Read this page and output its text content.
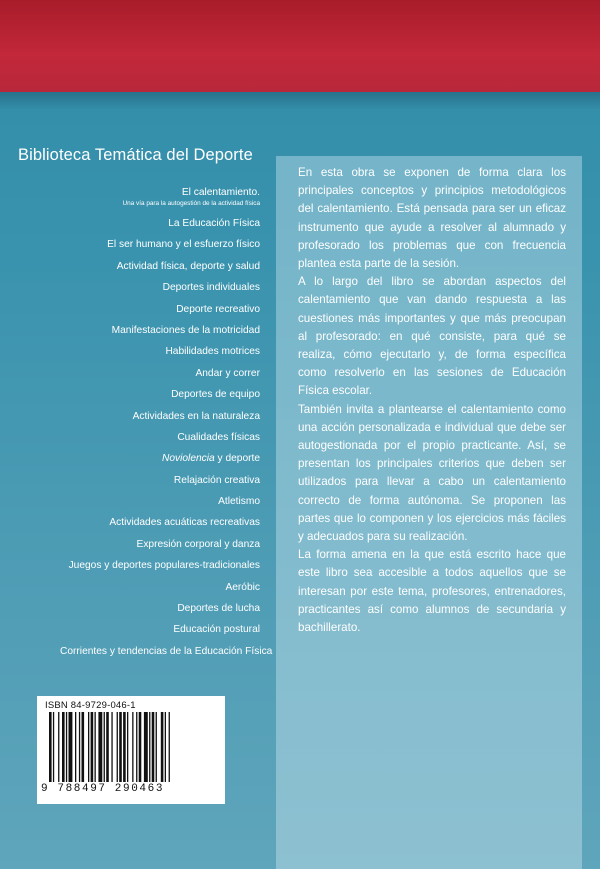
Biblioteca Temática del Deporte
El calentamiento.
Una vía para la autogestión de la actividad física
La Educación Física
El ser humano y el esfuerzo físico
Actividad física, deporte y salud
Deportes individuales
Deporte recreativo
Manifestaciones de la motricidad
Habilidades motrices
Andar y correr
Deportes de equipo
Actividades en la naturaleza
Cualidades físicas
Noviolencia y deporte
Relajación creativa
Atletismo
Actividades acuáticas recreativas
Expresión corporal y danza
Juegos y deportes populares-tradicionales
Aeróbic
Deportes de lucha
Educación postural
Corrientes y tendencias de la Educación Física

En esta obra se exponen de forma clara los principales conceptos y principios metodológicos del calentamiento. Está pensada para ser un eficaz instrumento que ayude a resolver al alumnado y profesorado los problemas que con frecuencia plantea esta parte de la sesión.

A lo largo del libro se abordan aspectos del calentamiento que van dando respuesta a las cuestiones más importantes y que más preocupan al profesorado: en qué consiste, para qué se realiza, cómo ejecutarlo y, de forma específica como resolverlo en las sesiones de Educación Física escolar.

También invita a plantearse el calentamiento como una acción personalizada e individual que debe ser autogestionada por el propio practicante. Así, se presentan los principales criterios que deben ser utilizados para llevar a cabo un calentamiento correcto de forma autónoma. Se proponen las partes que lo componen y los ejercicios más fáciles y adecuados para su realización.

La forma amena en la que está escrito hace que este libro sea accesible a todos aquellos que se interesan por este tema, profesores, entrenadores, practicantes así como alumnos de secundaria y bachillerato.

ISBN 84-9729-046-1
9 788497 290463
